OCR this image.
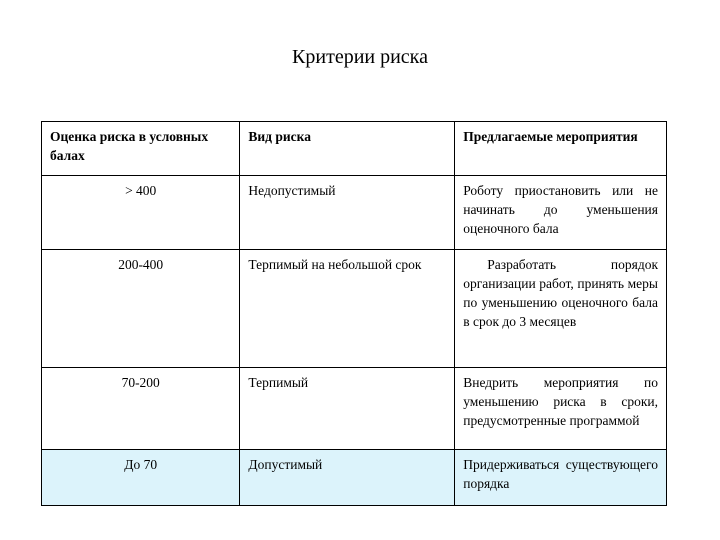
Критерии риска
Оценка риска в условных балах	Вид риска	Предлагаемые мероприятия
> 400	Недопустимый	Роботу приостановить или не начинать до уменьшения оценочного бала
200-400	Терпимый на небольшой срок	Разработать порядок организации работ, принять меры по уменьшению оценочного бала в срок до 3 месяцев
70-200	Терпимый	Внедрить мероприятия по уменьшению риска в сроки, предусмотренные программой
До 70	Допустимый	Придерживаться существующего порядка
